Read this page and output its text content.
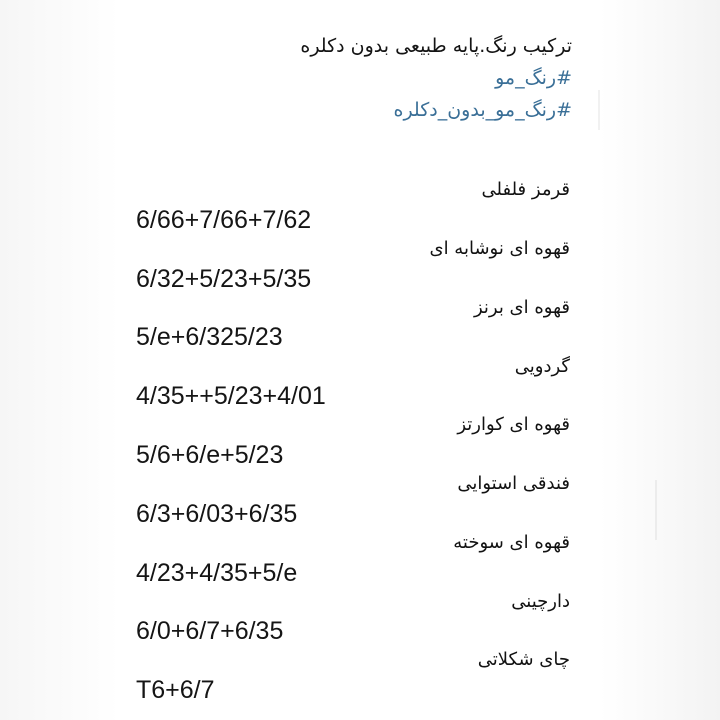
ترکیب رنگ.پایه طبیعی بدون دکلره
#رنگ_مو
#رنگ_مو_بدون_دکلره
قرمز فلفلی
6/66+7/66+7/62
قهوه ای نوشابه ای
6/32+5/23+5/35
قهوه ای برنز
5/e+6/325/23
گردویی
4/35++5/23+4/01
قهوه ای کوارتز
5/6+6/e+5/23
فندقی استوایی
6/3+6/03+6/35
قهوه ای سوخته
4/23+4/35+5/e
دارچینی
6/0+6/7+6/35
چای شکلاتی
T6+6/7
